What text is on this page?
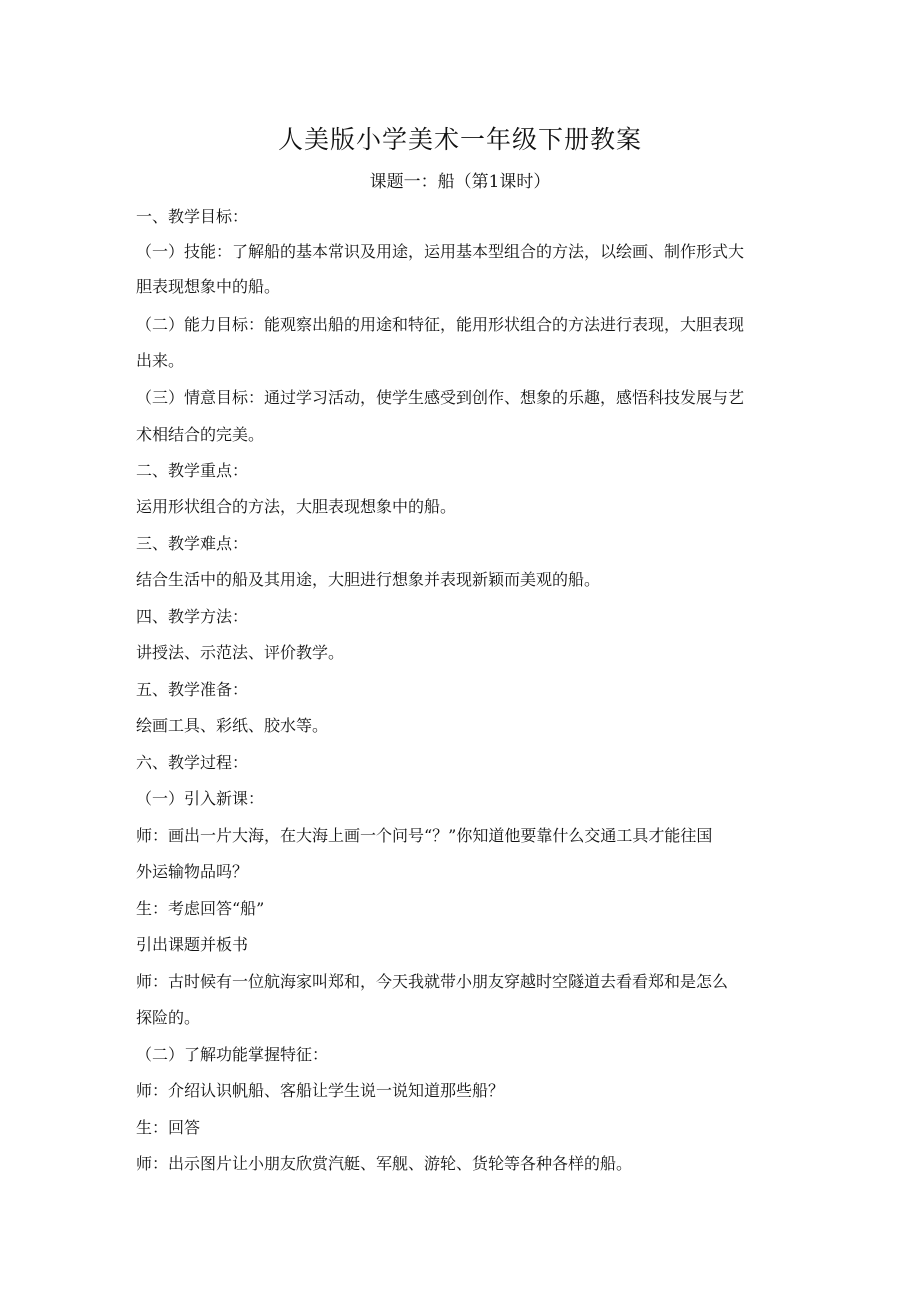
人美版小学美术一年级下册教案
课题一：船（第1课时）
一、教学目标：
（一）技能：了解船的基本常识及用途，运用基本型组合的方法，以绘画、制作形式大
胆表现想象中的船。
（二）能力目标：能观察出船的用途和特征，能用形状组合的方法进行表现，大胆表现
出来。
（三）情意目标：通过学习活动，使学生感受到创作、想象的乐趣，感悟科技发展与艺
术相结合的完美。
二、教学重点：
运用形状组合的方法，大胆表现想象中的船。
三、教学难点：
结合生活中的船及其用途，大胆进行想象并表现新颖而美观的船。
四、教学方法：
讲授法、示范法、评价教学。
五、教学准备：
绘画工具、彩纸、胶水等。
六、教学过程：
（一）引入新课：
师：画出一片大海，在大海上画一个问号“？”你知道他要靠什么交通工具才能往国
外运输物品吗？
生：考虑回答“船”
引出课题并板书
师：古时候有一位航海家叫郑和，今天我就带小朋友穿越时空隧道去看看郑和是怎么
探险的。
（二）了解功能掌握特征：
师：介绍认识帆船、客船让学生说一说知道那些船？
生：回答
师：出示图片让小朋友欣赏汽艇、军舰、游轮、货轮等各种各样的船。
